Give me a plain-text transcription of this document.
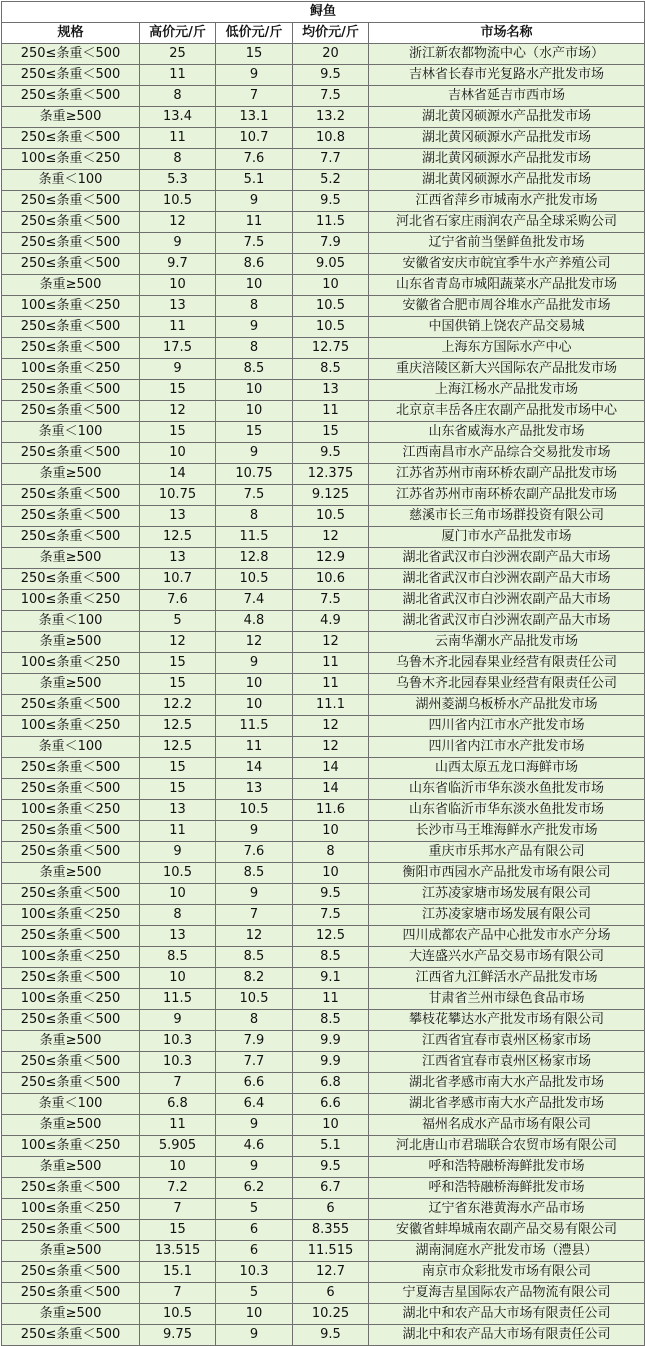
鲟鱼				
规格	高价元/斤	低价元/斤	均价元/斤	市场名称
250≤条重＜500	25	15	20	浙江新农都物流中心（水产市场）
250≤条重＜500	11	9	9.5	吉林省长春市光复路水产批发市场
250≤条重＜500	8	7	7.5	吉林省延吉市西市场
条重≥500	13.4	13.1	13.2	湖北黄冈硕源水产品批发市场
250≤条重＜500	11	10.7	10.8	湖北黄冈硕源水产品批发市场
100≤条重＜250	8	7.6	7.7	湖北黄冈硕源水产品批发市场
条重＜100	5.3	5.1	5.2	湖北黄冈硕源水产品批发市场
250≤条重＜500	10.5	9	9.5	江西省萍乡市城南水产批发市场
250≤条重＜500	12	11	11.5	河北省石家庄雨润农产品全球采购公司
250≤条重＜500	9	7.5	7.9	辽宁省前当堡鲜鱼批发市场
250≤条重＜500	9.7	8.6	9.05	安徽省安庆市皖宜季牛水产养殖公司
条重≥500	10	10	10	山东省青岛市城阳蔬菜水产品批发市场
100≤条重＜250	13	8	10.5	安徽省合肥市周谷堆水产品批发市场
250≤条重＜500	11	9	10.5	中国供销上饶农产品交易城
250≤条重＜500	17.5	8	12.75	上海东方国际水产中心
100≤条重＜250	9	8.5	8.5	重庆涪陵区新大兴国际农产品批发市场
250≤条重＜500	15	10	13	上海江杨水产品批发市场
250≤条重＜500	12	10	11	北京京丰岳各庄农副产品批发市场中心
条重＜100	15	15	15	山东省威海水产品批发市场
250≤条重＜500	10	9	9.5	江西南昌市水产品综合交易批发市场
条重≥500	14	10.75	12.375	江苏省苏州市南环桥农副产品批发市场
250≤条重＜500	10.75	7.5	9.125	江苏省苏州市南环桥农副产品批发市场
250≤条重＜500	13	8	10.5	慈溪市长三角市场群投资有限公司
250≤条重＜500	12.5	11.5	12	厦门市水产品批发市场
条重≥500	13	12.8	12.9	湖北省武汉市白沙洲农副产品大市场
250≤条重＜500	10.7	10.5	10.6	湖北省武汉市白沙洲农副产品大市场
100≤条重＜250	7.6	7.4	7.5	湖北省武汉市白沙洲农副产品大市场
条重＜100	5	4.8	4.9	湖北省武汉市白沙洲农副产品大市场
条重≥500	12	12	12	云南华潮水产品批发市场
100≤条重＜250	15	9	11	乌鲁木齐北园春果业经营有限责任公司
条重≥500	15	10	11	乌鲁木齐北园春果业经营有限责任公司
250≤条重＜500	12.2	10	11.1	湖州菱湖乌板桥水产品批发市场
100≤条重＜250	12.5	11.5	12	四川省内江市水产批发市场
条重＜100	12.5	11	12	四川省内江市水产批发市场
250≤条重＜500	15	14	14	山西太原五龙口海鲜市场
250≤条重＜500	15	13	14	山东省临沂市华东淡水鱼批发市场
100≤条重＜250	13	10.5	11.6	山东省临沂市华东淡水鱼批发市场
250≤条重＜500	11	9	10	长沙市马王堆海鲜水产批发市场
250≤条重＜500	9	7.6	8	重庆市乐邦水产品有限公司
条重≥500	10.5	8.5	10	衡阳市西园水产品批发市场有限公司
250≤条重＜500	10	9	9.5	江苏凌家塘市场发展有限公司
100≤条重＜250	8	7	7.5	江苏凌家塘市场发展有限公司
250≤条重＜500	13	12	12.5	四川成都农产品中心批发市水产分场
100≤条重＜250	8.5	8.5	8.5	大连盛兴水产品交易市场有限公司
250≤条重＜500	10	8.2	9.1	江西省九江鲜活水产品批发市场
100≤条重＜250	11.5	10.5	11	甘肃省兰州市绿色食品市场
250≤条重＜500	9	8	8.5	攀枝花攀达水产批发市场有限公司
条重≥500	10.3	7.9	9.9	江西省宜春市袁州区杨家市场
250≤条重＜500	10.3	7.7	9.9	江西省宜春市袁州区杨家市场
250≤条重＜500	7	6.6	6.8	湖北省孝感市南大水产品批发市场
条重＜100	6.8	6.4	6.6	湖北省孝感市南大水产品批发市场
条重≥500	11	9	10	福州名成水产品市场有限公司
100≤条重＜250	5.905	4.6	5.1	河北唐山市君瑞联合农贸市场有限公司
条重≥500	10	9	9.5	呼和浩特融桥海鲜批发市场
250≤条重＜500	7.2	6.2	6.7	呼和浩特融桥海鲜批发市场
100≤条重＜250	7	5	6	辽宁省东港黄海水产品市场
250≤条重＜500	15	6	8.355	安徽省蚌埠城南农副产品交易有限公司
条重≥500	13.515	6	11.515	湖南洞庭水产批发市场（澧县）
250≤条重＜500	15.1	10.3	12.7	南京市众彩批发市场有限公司
250≤条重＜500	7	5	6	宁夏海吉星国际农产品物流有限公司
条重≥500	10.5	10	10.25	湖北中和农产品大市场有限责任公司
250≤条重＜500	9.75	9	9.5	湖北中和农产品大市场有限责任公司
